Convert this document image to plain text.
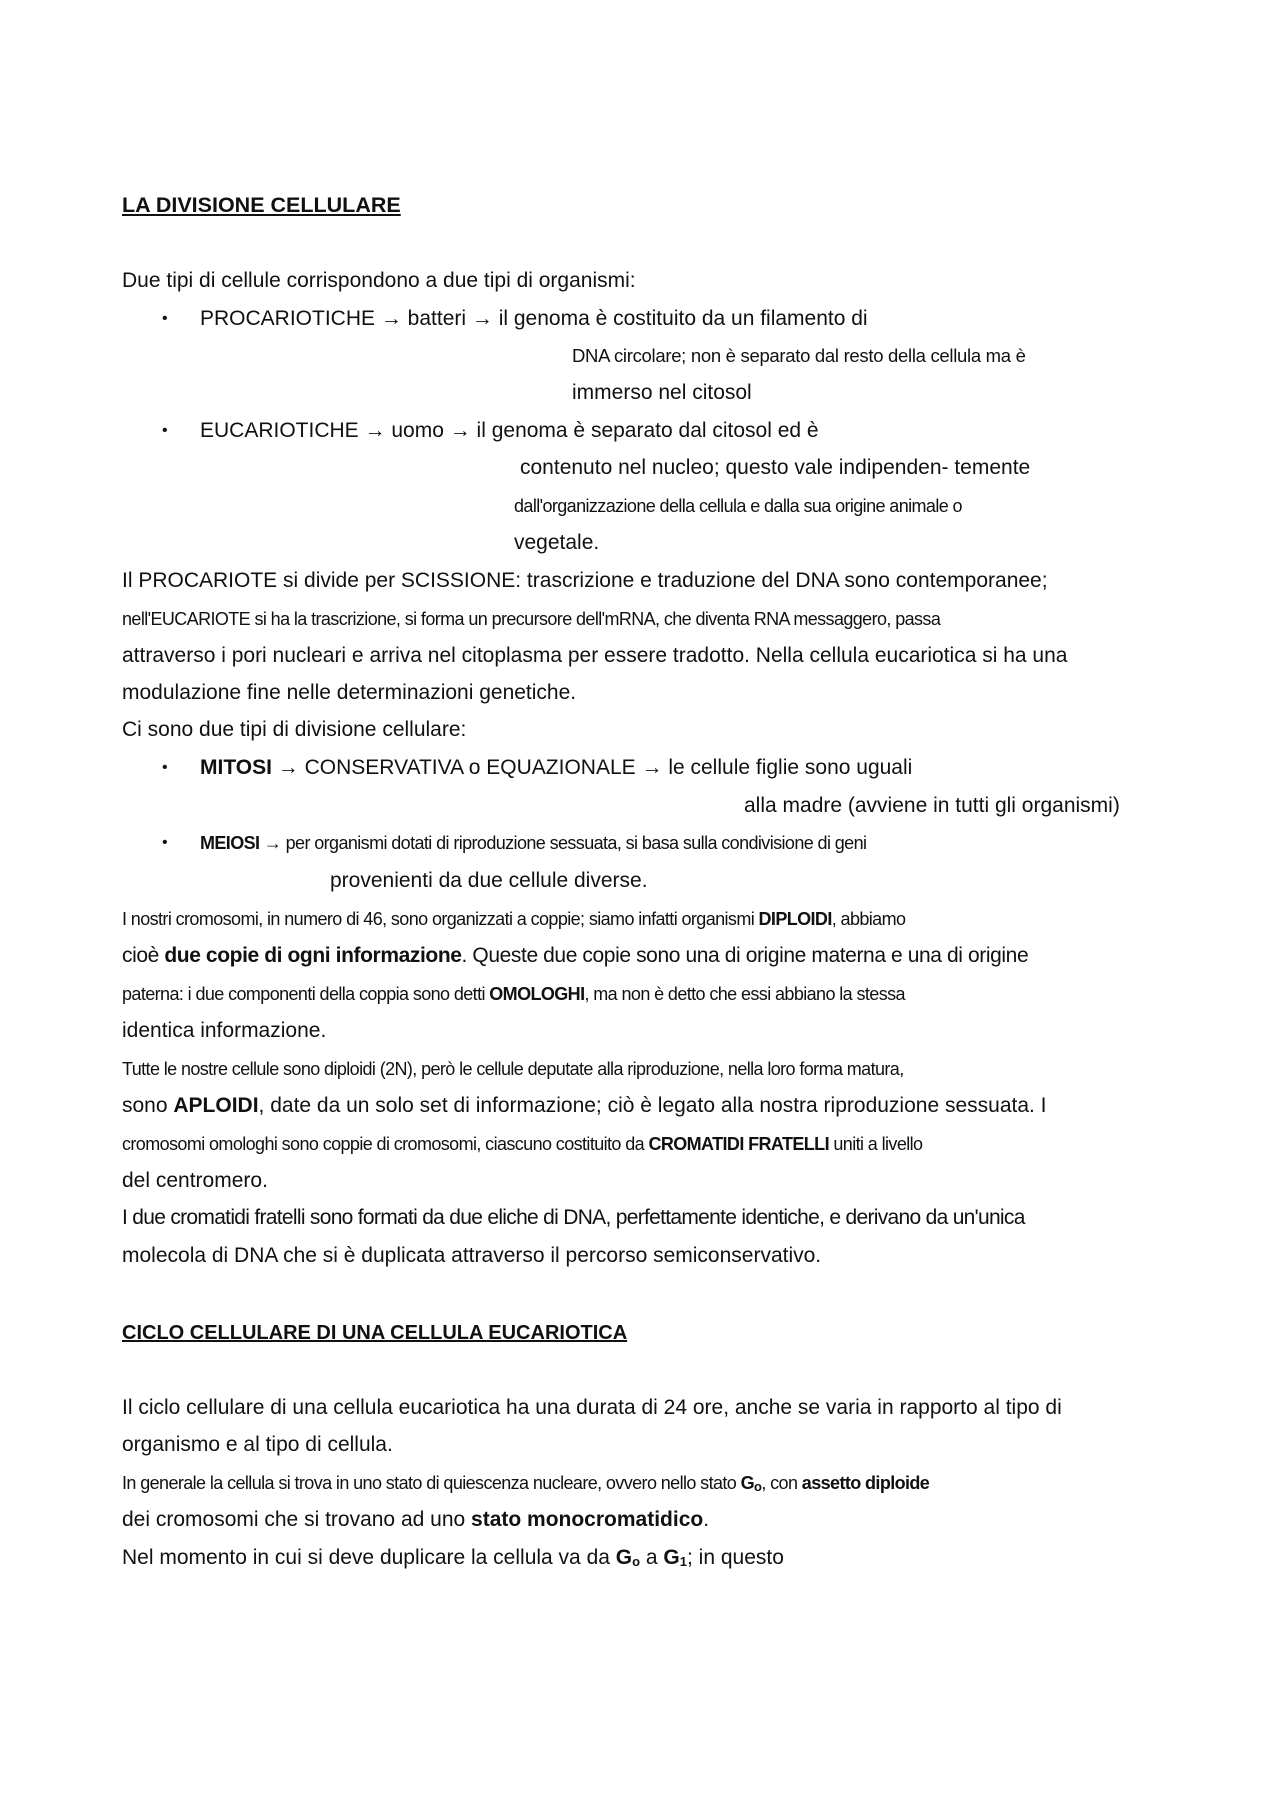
LA DIVISIONE CELLULARE
Due tipi di cellule corrispondono a due tipi di organismi:
• PROCARIOTICHE → batteri → il genoma è costituito da un filamento di
DNA circolare; non è separato dal resto della cellula ma è
immerso nel citosol
• EUCARIOTICHE → uomo → il genoma è separato dal citosol ed è
contenuto nel nucleo; questo vale indipenden- temente
dall'organizzazione della cellula e dalla sua origine animale o
vegetale.
Il PROCARIOTE si divide per SCISSIONE: trascrizione e traduzione del DNA sono contemporanee;
nell'EUCARIOTE si ha la trascrizione, si forma un precursore dell'mRNA, che diventa RNA messaggero, passa
attraverso i pori nucleari e arriva nel citoplasma per essere tradotto. Nella cellula eucariotica si ha una
modulazione fine nelle determinazioni genetiche.
Ci sono due tipi di divisione cellulare:
• MITOSI → CONSERVATIVA o EQUAZIONALE → le cellule figlie sono uguali
alla madre (avviene in tutti gli organismi)
• MEIOSI → per organismi dotati di riproduzione sessuata, si basa sulla condivisione di geni
provenienti da due cellule diverse.
I nostri cromosomi, in numero di 46, sono organizzati a coppie; siamo infatti organismi DIPLOIDI, abbiamo
cioè due copie di ogni informazione. Queste due copie sono una di origine materna e una di origine
paterna: i due componenti della coppia sono detti OMOLOGHI, ma non è detto che essi abbiano la stessa
identica informazione.
Tutte le nostre cellule sono diploidi (2N), però le cellule deputate alla riproduzione, nella loro forma matura,
sono APLOIDI, date da un solo set di informazione; ciò è legato alla nostra riproduzione sessuata. I
cromosomi omologhi sono coppie di cromosomi, ciascuno costituito da CROMATIDI FRATELLI uniti a livello
del centromero.
I due cromatidi fratelli sono formati da due eliche di DNA, perfettamente identiche, e derivano da un'unica
molecola di DNA che si è duplicata attraverso il percorso semiconservativo.
CICLO CELLULARE DI UNA CELLULA EUCARIOTICA
Il ciclo cellulare di una cellula eucariotica ha una durata di 24 ore, anche se varia in rapporto al tipo di
organismo e al tipo di cellula.
In generale la cellula si trova in uno stato di quiescenza nucleare, ovvero nello stato $G_o$, con assetto diploide
dei cromosomi che si trovano ad uno stato monocromatidico.
Nel momento in cui si deve duplicare la cellula va da $G_o$ a $G_1$; in questo
